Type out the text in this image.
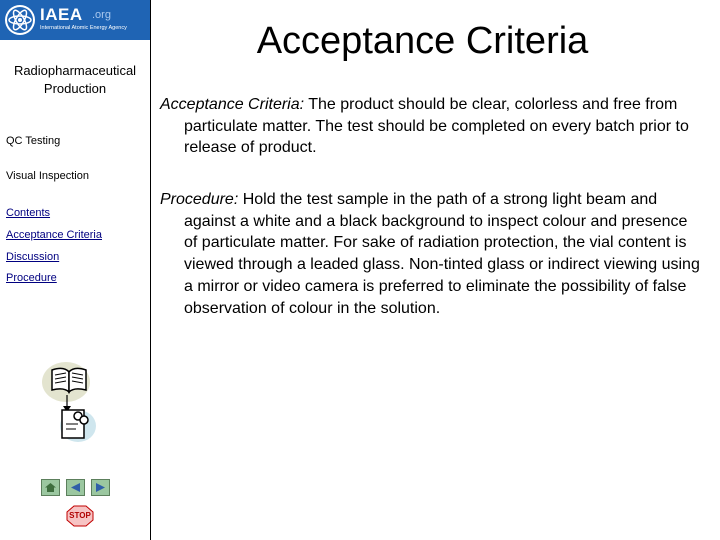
IAEA .org
International Atomic Energy Agency
Radiopharmaceutical Production
QC Testing
Visual Inspection
Contents
Acceptance Criteria
Discussion
Procedure
STOP
Acceptance Criteria
Acceptance Criteria: The product should be clear, colorless and free from particulate matter. The test should be completed on every batch prior to release of product.
Procedure: Hold the test sample in the path of a strong light beam and against a white and a black background to inspect colour and presence of particulate matter. For sake of radiation protection, the vial content is viewed through a leaded glass. Non-tinted glass or indirect viewing using a mirror or video camera is preferred to eliminate the possibility of false observation of colour in the solution.
